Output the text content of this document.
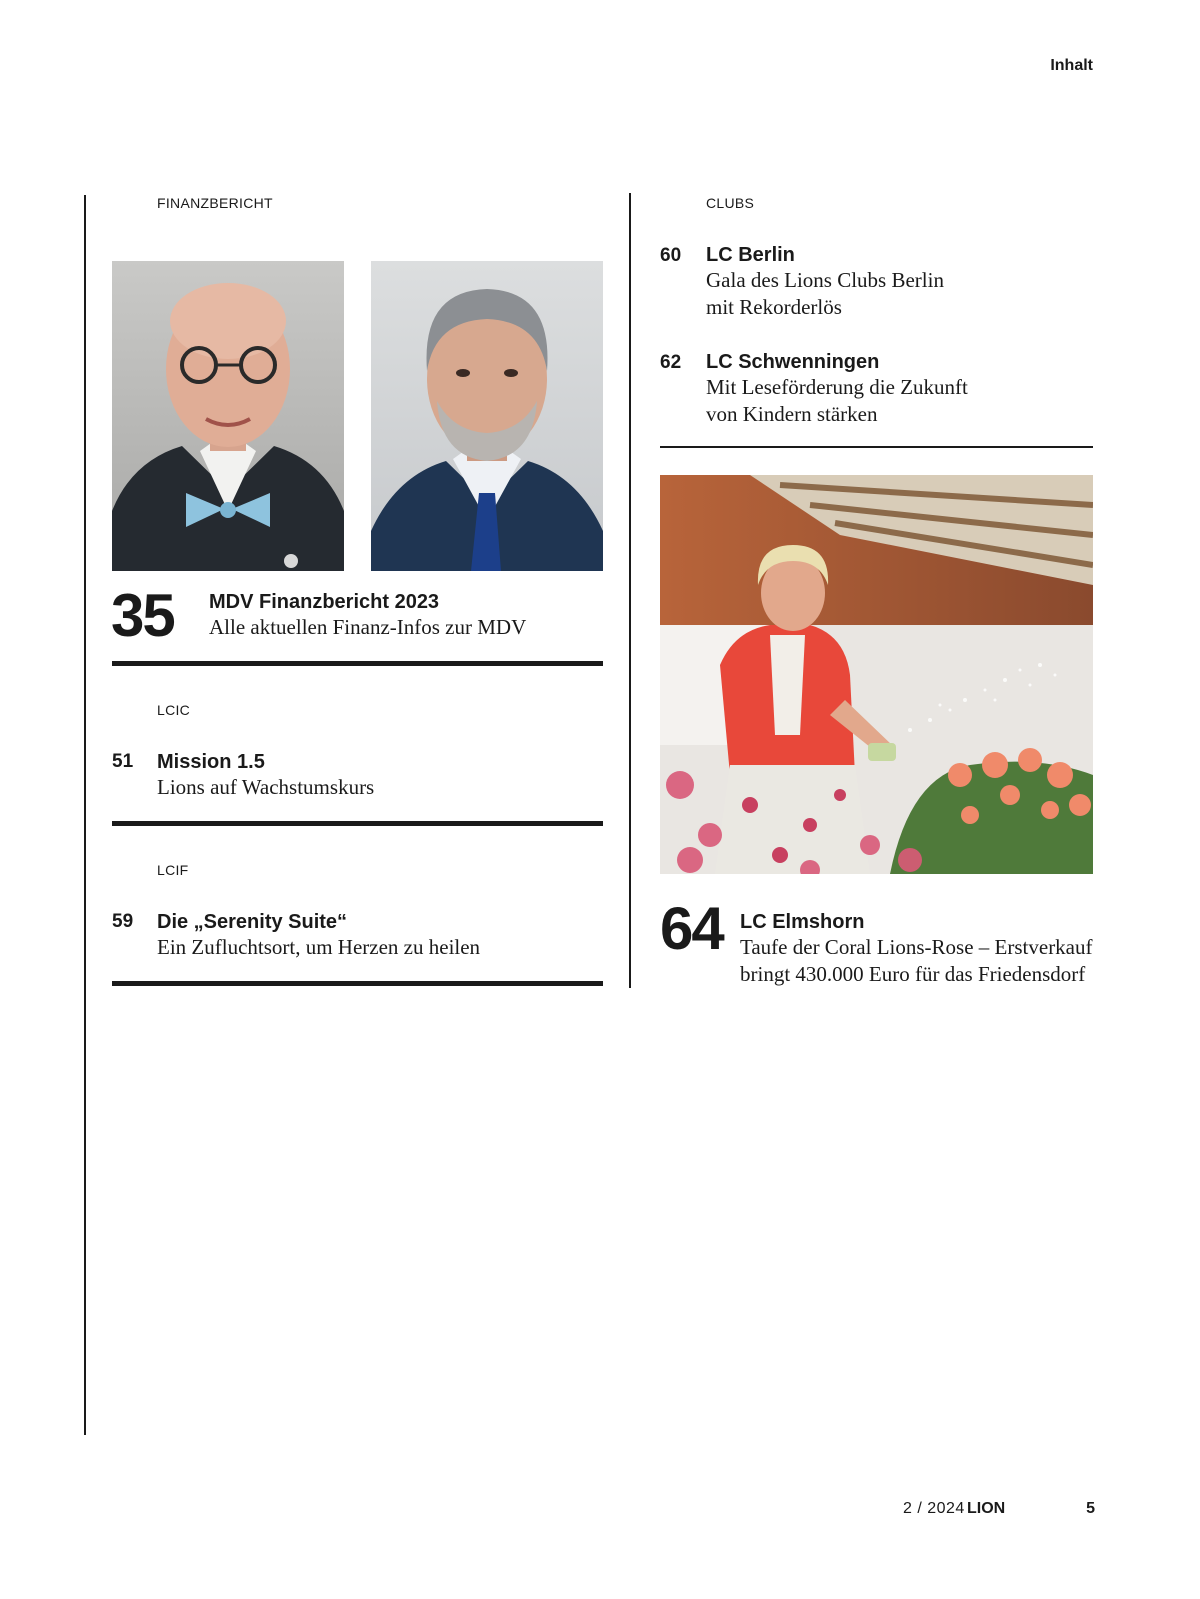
Inhalt
FINANZBERICHT
35 MDV Finanzbericht 2023
Alle aktuellen Finanz-Infos zur MDV
LCIC
51 Mission 1.5
Lions auf Wachstumskurs
LCIF
59 Die „Serenity Suite“
Ein Zufluchtsort, um Herzen zu heilen
CLUBS
60 LC Berlin
Gala des Lions Clubs Berlin
mit Rekorderlös
62 LC Schwenningen
Mit Leseförderung die Zukunft
von Kindern stärken
64 LC Elmshorn
Taufe der Coral Lions-Rose – Erstverkauf
bringt 430.000 Euro für das Friedensdorf
2 / 2024 LION	5
